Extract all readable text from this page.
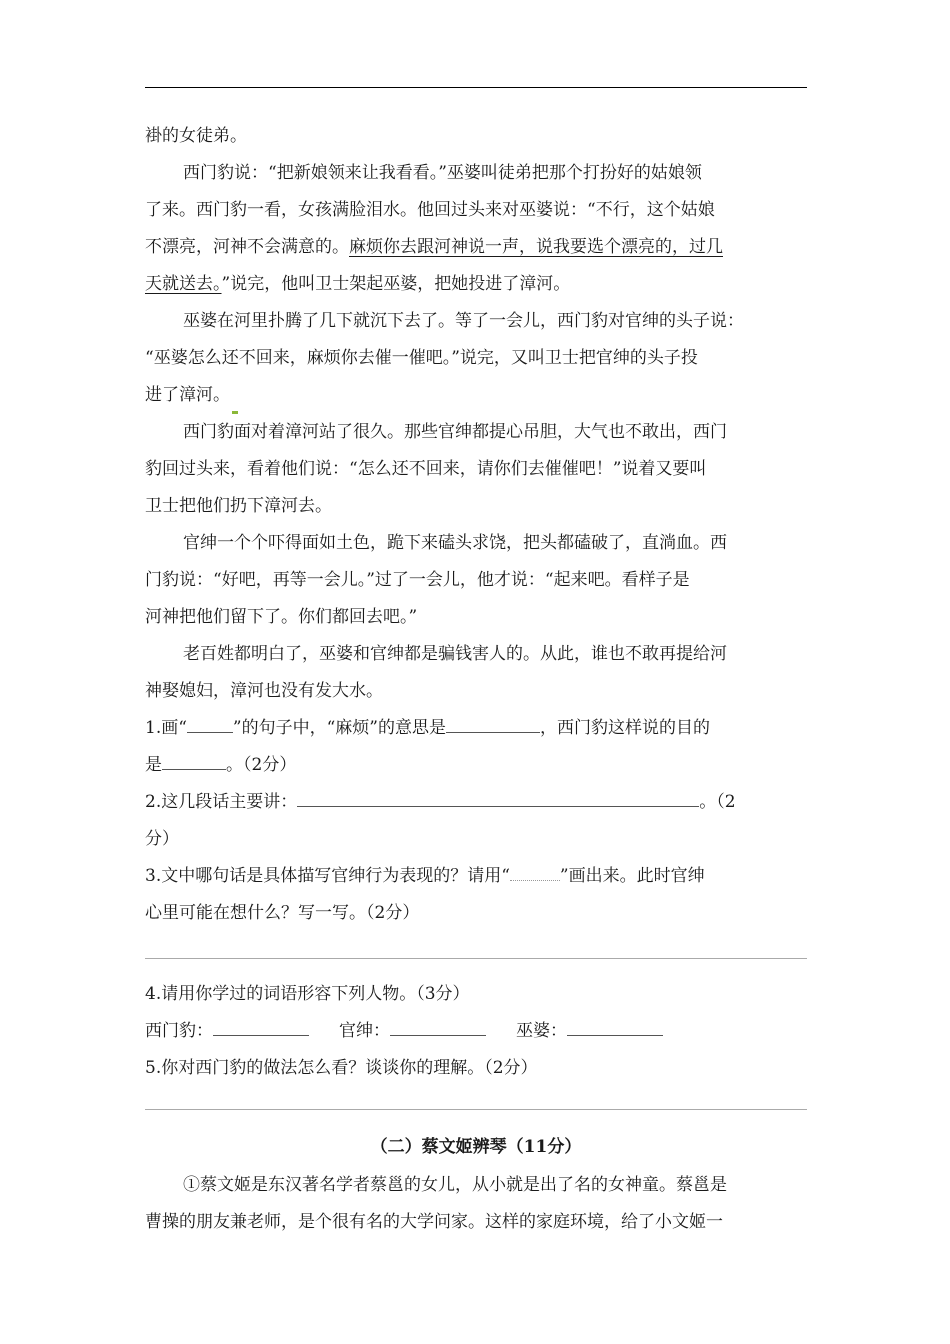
褂的女徒弟。
西门豹说：“把新娘领来让我看看。”巫婆叫徒弟把那个打扮好的姑娘领
了来。西门豹一看，女孩满脸泪水。他回过头来对巫婆说：“不行，这个姑娘
不漂亮，河神不会满意的。麻烦你去跟河神说一声，说我要选个漂亮的，过几
天就送去。”说完，他叫卫士架起巫婆，把她投进了漳河。
巫婆在河里扑腾了几下就沉下去了。等了一会儿，西门豹对官绅的头子说：
“巫婆怎么还不回来，麻烦你去催一催吧。”说完，又叫卫士把官绅的头子投
进了漳河。
西门豹面对着漳河站了很久。那些官绅都提心吊胆，大气也不敢出，西门
豹回过头来，看着他们说：“怎么还不回来，请你们去催催吧！”说着又要叫
卫士把他们扔下漳河去。
官绅一个个吓得面如土色，跪下来磕头求饶，把头都磕破了，直淌血。西
门豹说：“好吧，再等一会儿。”过了一会儿，他才说：“起来吧。看样子是
河神把他们留下了。你们都回去吧。”
老百姓都明白了，巫婆和官绅都是骗钱害人的。从此，谁也不敢再提给河
神娶媳妇，漳河也没有发大水。
1.画“	”的句子中，“麻烦”的意思是	，西门豹这样说的目的
是	。（2分）
2.这几段话主要讲：	。（2
分）
3.文中哪句话是具体描写官绅行为表现的？请用“	”画出来。此时官绅
心里可能在想什么？写一写。（2分）
4.请用你学过的词语形容下列人物。（3分）
西门豹：	官绅：	巫婆：
5.你对西门豹的做法怎么看？谈谈你的理解。（2分）
（二）蔡文姬辨琴（11分）
①蔡文姬是东汉著名学者蔡邕的女儿，从小就是出了名的女神童。蔡邕是
曹操的朋友兼老师，是个很有名的大学问家。这样的家庭环境，给了小文姬一
